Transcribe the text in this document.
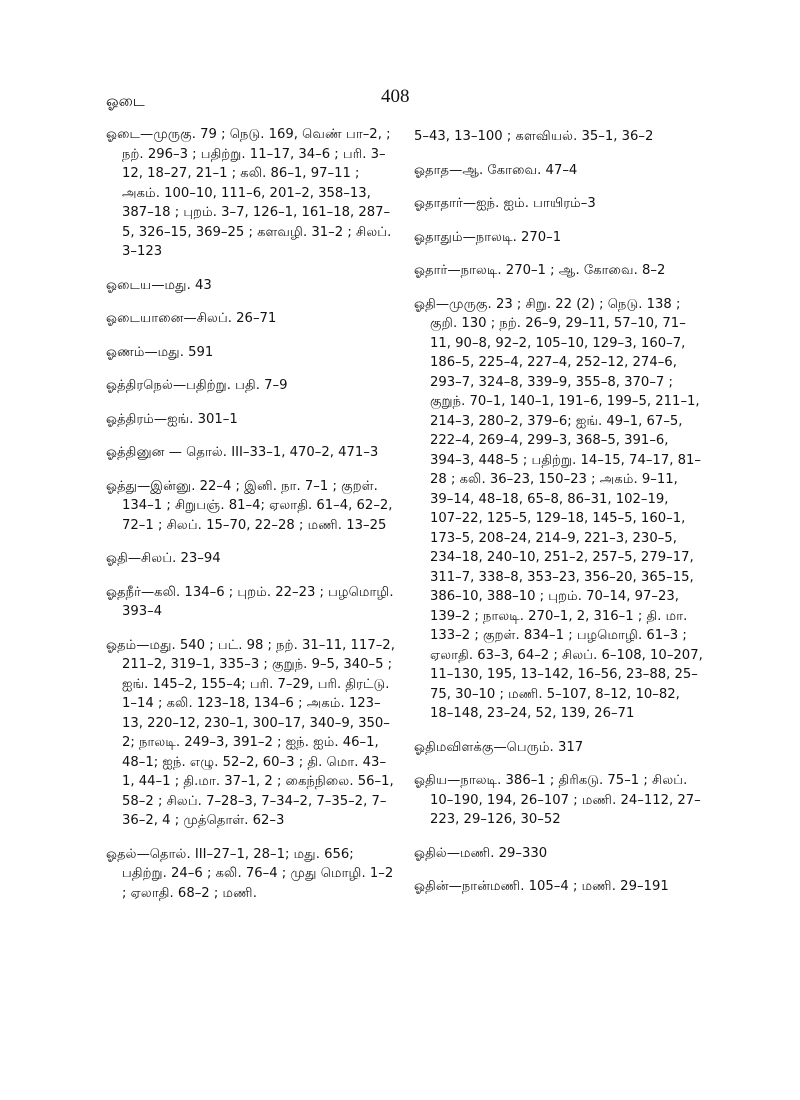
ஓடை	408

ஓடை—முருகு. 79 ; நெடு. 169, வெண் பா–2, ; நற். 296–3 ; பதிற்று. 11–17, 34–6 ; பரி. 3–12, 18–27, 21–1 ; கலி. 86–1, 97–11 ; அகம். 100–10, 111–6, 201–2, 358–13, 387–18 ; புறம். 3–7, 126–1, 161–18, 287–5, 326–15, 369–25 ; களவழி. 31–2 ; சிலப். 3–123

ஓடைய—மது. 43

ஓடையானை—சிலப். 26–71

ஓணம்—மது. 591

ஓத்திரநெல்—பதிற்று. பதி. 7–9

ஓத்திரம்—ஐங். 301–1

ஓத்தினுன — தொல். III–33–1, 470–2, 471–3

ஓத்து—இன்னு. 22–4 ; இனி. நா. 7–1 ; குறள். 134–1 ; சிறுபஞ். 81–4; ஏலாதி. 61–4, 62–2, 72–1 ; சிலப். 15–70, 22–28 ; மணி. 13–25

ஓதி—சிலப். 23–94

ஓதநீர்—கலி. 134–6 ; புறம். 22–23 ; பழமொழி. 393–4

ஓதம்—மது. 540 ; பட். 98 ; நற். 31–11, 117–2, 211–2, 319–1, 335–3 ; குறுந். 9–5, 340–5 ; ஐங். 145–2, 155–4; பரி. 7–29, பரி. திரட்டு. 1–14 ; கலி. 123–18, 134–6 ; அகம். 123–13, 220–12, 230–1, 300–17, 340–9, 350–2; நாலடி. 249–3, 391–2 ; ஐந். ஐம். 46–1, 48–1; ஐந். எழு. 52–2, 60–3 ; தி. மொ. 43–1, 44–1 ; தி.மா. 37–1, 2 ; கைந்நிலை. 56–1, 58–2 ; சிலப். 7–28–3, 7–34–2, 7–35–2, 7–36–2, 4 ; முத்தொள். 62–3

ஓதல்—தொல். III–27–1, 28–1; மது. 656; பதிற்று. 24–6 ; கலி. 76–4 ; முது மொழி. 1–2 ; ஏலாதி. 68–2 ; மணி.

5–43, 13–100 ; களவியல். 35–1, 36–2

ஓதாத—ஆ. கோவை. 47–4

ஓதாதார்—ஐந். ஐம். பாயிரம்–3

ஓதாதும்—நாலடி. 270–1

ஓதார்—நாலடி. 270–1 ; ஆ. கோவை. 8–2

ஓதி—முருகு. 23 ; சிறு. 22 (2) ; நெடு. 138 ; குறி. 130 ; நற். 26–9, 29–11, 57–10, 71–11, 90–8, 92–2, 105–10, 129–3, 160–7, 186–5, 225–4, 227–4, 252–12, 274–6, 293–7, 324–8, 339–9, 355–8, 370–7 ; குறுந். 70–1, 140–1, 191–6, 199–5, 211–1, 214–3, 280–2, 379–6; ஐங். 49–1, 67–5, 222–4, 269–4, 299–3, 368–5, 391–6, 394–3, 448–5 ; பதிற்று. 14–15, 74–17, 81–28 ; கலி. 36–23, 150–23 ; அகம். 9–11, 39–14, 48–18, 65–8, 86–31, 102–19, 107–22, 125–5, 129–18, 145–5, 160–1, 173–5, 208–24, 214–9, 221–3, 230–5, 234–18, 240–10, 251–2, 257–5, 279–17, 311–7, 338–8, 353–23, 356–20, 365–15, 386–10, 388–10 ; புறம். 70–14, 97–23, 139–2 ; நாலடி. 270–1, 2, 316–1 ; தி. மா. 133–2 ; குறள். 834–1 ; பழமொழி. 61–3 ; ஏலாதி. 63–3, 64–2 ; சிலப். 6–108, 10–207, 11–130, 195, 13–142, 16–56, 23–88, 25–75, 30–10 ; மணி. 5–107, 8–12, 10–82, 18–148, 23–24, 52, 139, 26–71

ஓதிமவிளக்கு—பெரும். 317

ஓதிய—நாலடி. 386–1 ; திரிகடு. 75–1 ; சிலப். 10–190, 194, 26–107 ; மணி. 24–112, 27–223, 29–126, 30–52

ஓதில்—மணி. 29–330

ஓதின்—நான்மணி. 105–4 ; மணி. 29–191
